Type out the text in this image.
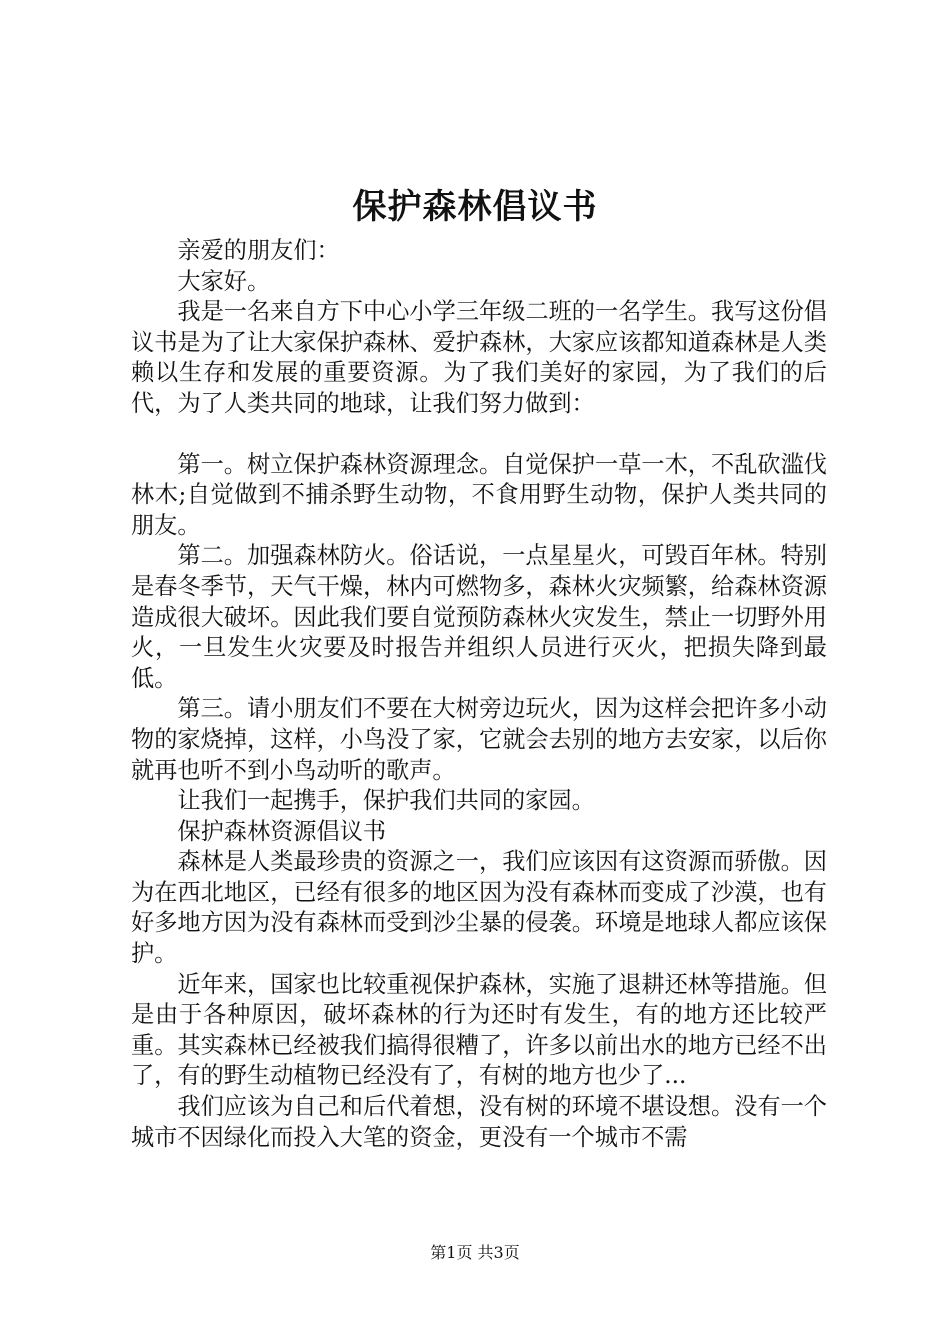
保护森林倡议书

亲爱的朋友们：

大家好。

我是一名来自方下中心小学三年级二班的一名学生。我写这份倡议书是为了让大家保护森林、爱护森林，大家应该都知道森林是人类赖以生存和发展的重要资源。为了我们美好的家园，为了我们的后代，为了人类共同的地球，让我们努力做到：

第一。树立保护森林资源理念。自觉保护一草一木，不乱砍滥伐林木;自觉做到不捕杀野生动物，不食用野生动物，保护人类共同的朋友。

第二。加强森林防火。俗话说，一点星星火，可毁百年林。特别是春冬季节，天气干燥，林内可燃物多，森林火灾频繁，给森林资源造成很大破坏。因此我们要自觉预防森林火灾发生，禁止一切野外用火，一旦发生火灾要及时报告并组织人员进行灭火，把损失降到最低。

第三。请小朋友们不要在大树旁边玩火，因为这样会把许多小动物的家烧掉，这样，小鸟没了家，它就会去别的地方去安家，以后你就再也听不到小鸟动听的歌声。

让我们一起携手，保护我们共同的家园。

保护森林资源倡议书

森林是人类最珍贵的资源之一，我们应该因有这资源而骄傲。因为在西北地区，已经有很多的地区因为没有森林而变成了沙漠，也有好多地方因为没有森林而受到沙尘暴的侵袭。环境是地球人都应该保护。

近年来，国家也比较重视保护森林，实施了退耕还林等措施。但是由于各种原因，破坏森林的行为还时有发生，有的地方还比较严重。其实森林已经被我们搞得很糟了，许多以前出水的地方已经不出了，有的野生动植物已经没有了，有树的地方也少了...

我们应该为自己和后代着想，没有树的环境不堪设想。没有一个城市不因绿化而投入大笔的资金，更没有一个城市不需

第1页 共3页
